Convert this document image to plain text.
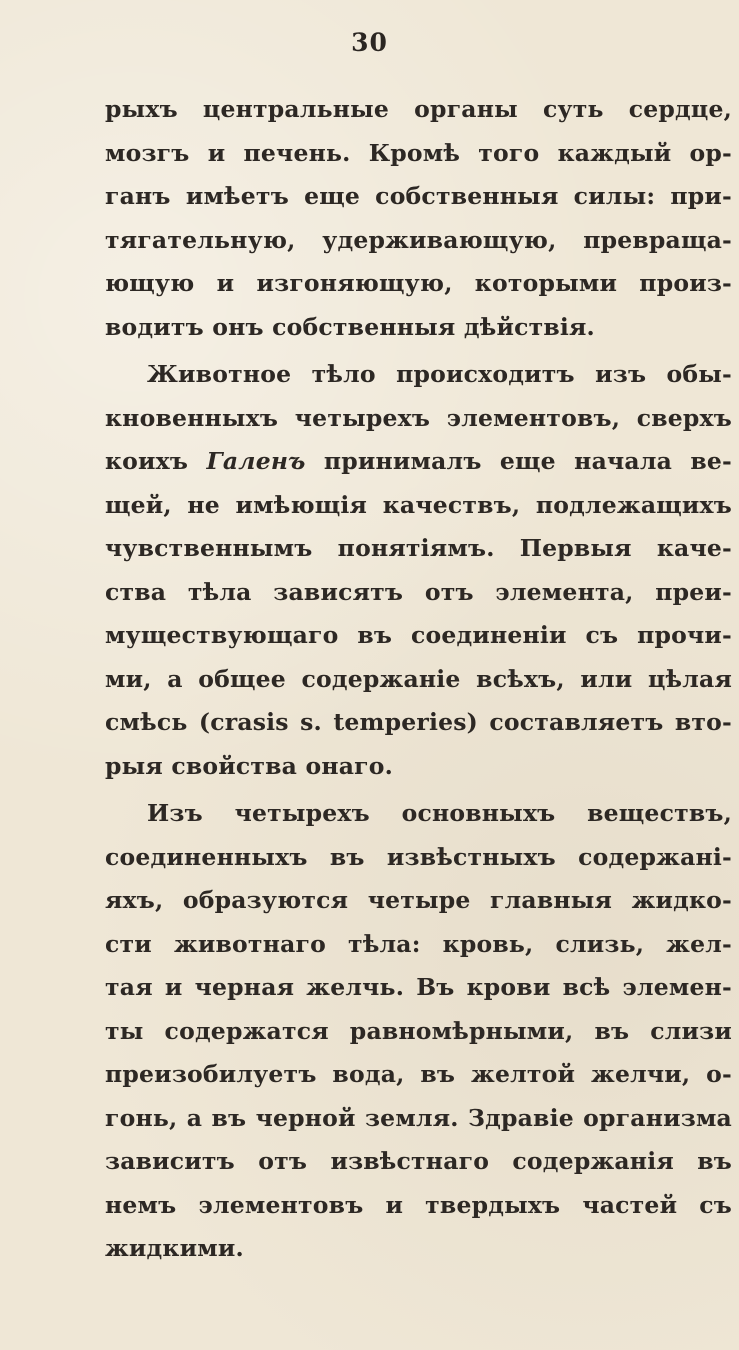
30
рыхъ центральные органы суть сердце,
мозгъ и печень. Кромѣ того каждый ор-
ганъ имѣетъ еще собственныя силы: при-
тягательную, удерживающую, превраща-
ющую и изгоняющую, которыми произ-
водитъ онъ собственныя дѣйствія.
Животное тѣло происходитъ изъ обы-
кновенныхъ четырехъ элементовъ, сверхъ
коихъ Галенъ принималъ еще начала ве-
щей, не имѣющія качествъ, подлежащихъ
чувственнымъ понятіямъ. Первыя каче-
ства тѣла зависятъ отъ элемента, преи-
муществующаго въ соединеніи съ прочи-
ми, а общее содержаніе всѣхъ, или цѣлая
смѣсь (crasis s. temperies) составляетъ вто-
рыя свойства онаго.
Изъ четырехъ основныхъ веществъ,
соединенныхъ въ извѣстныхъ содержані-
яхъ, образуются четыре главныя жидко-
сти животнаго тѣла: кровь, слизь, жел-
тая и черная желчь. Въ крови всѣ элемен-
ты содержатся равномѣрными, въ слизи
преизобилуетъ вода, въ желтой желчи, о-
гонь, а въ черной земля. Здравіе организма
зависитъ отъ извѣстнаго содержанія въ
немъ элементовъ и твердыхъ частей съ
жидкими.
